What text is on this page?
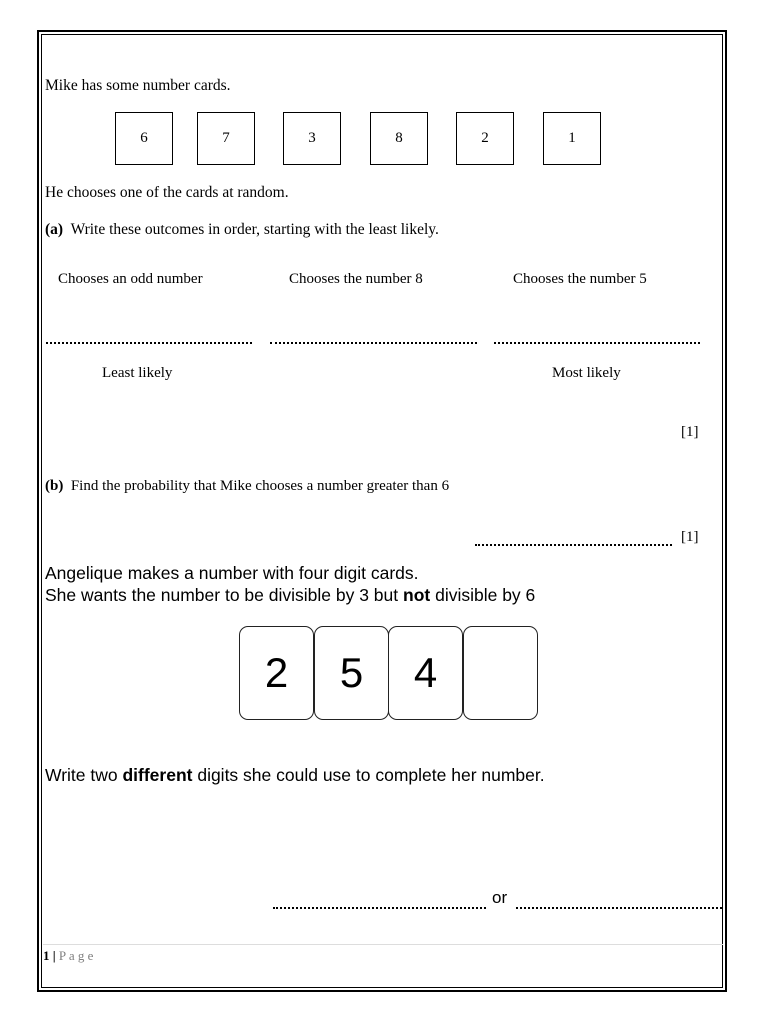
Mike has some number cards.
6	7	3	8	2	1
He chooses one of the cards at random.
(a) Write these outcomes in order, starting with the least likely.
Chooses an odd number	Chooses the number 8	Chooses the number 5
Least likely	Most likely
[1]
(b) Find the probability that Mike chooses a number greater than 6
[1]
Angelique makes a number with four digit cards.
She wants the number to be divisible by 3 but not divisible by 6
2	5	4
Write two different digits she could use to complete her number.
or
1 | P a g e
